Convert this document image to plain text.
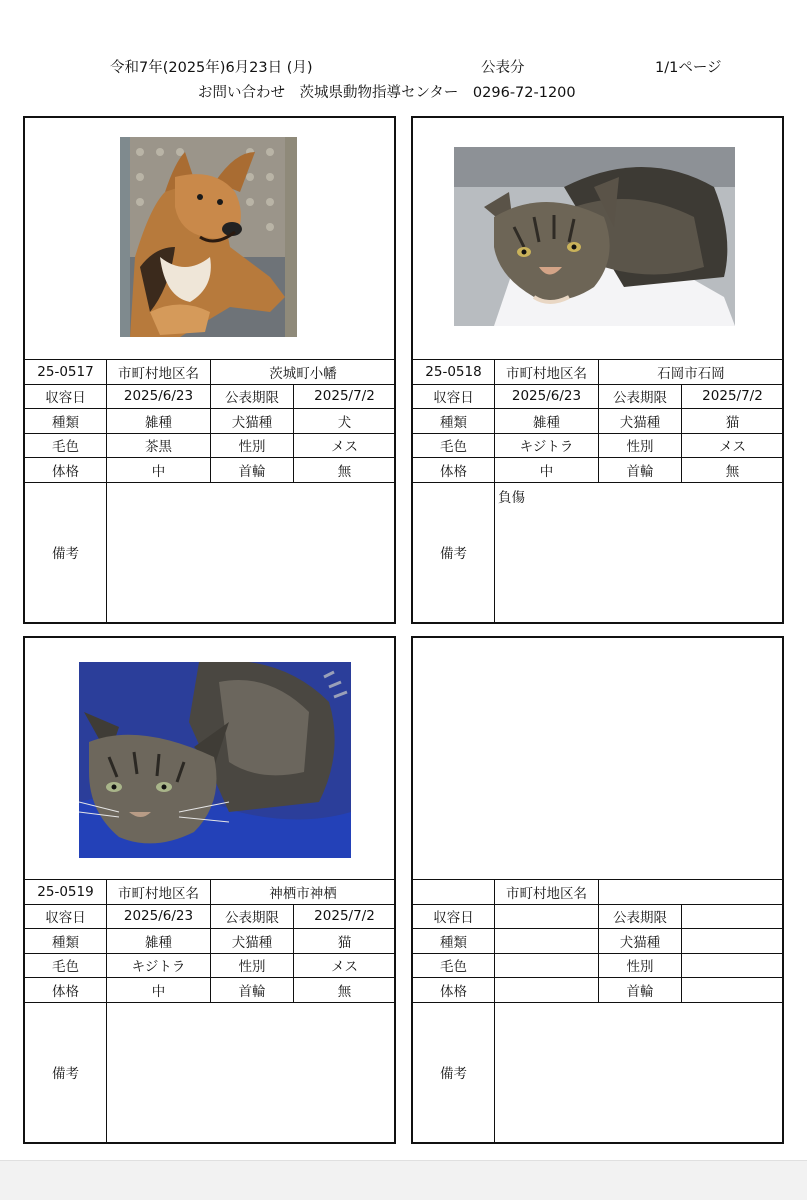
令和7年(2025年)6月23日 (月)	公表分	1/1ページ
お問い合わせ　茨城県動物指導センター　0296-72-1200
25-0517	市町村地区名	茨城町小幡	
収容日	2025/6/23	公表期限	2025/7/2
種類	雑種	犬猫種	犬
毛色	茶黒	性別	メス
体格	中	首輪	無
備考			
25-0518	市町村地区名	石岡市石岡	
収容日	2025/6/23	公表期限	2025/7/2
種類	雑種	犬猫種	猫
毛色	キジトラ	性別	メス
体格	中	首輪	無
備考	負傷		
25-0519	市町村地区名	神栖市神栖	
収容日	2025/6/23	公表期限	2025/7/2
種類	雑種	犬猫種	猫
毛色	キジトラ	性別	メス
体格	中	首輪	無
備考			
	市町村地区名		
収容日		公表期限	
種類		犬猫種	
毛色		性別	
体格		首輪	
備考			
